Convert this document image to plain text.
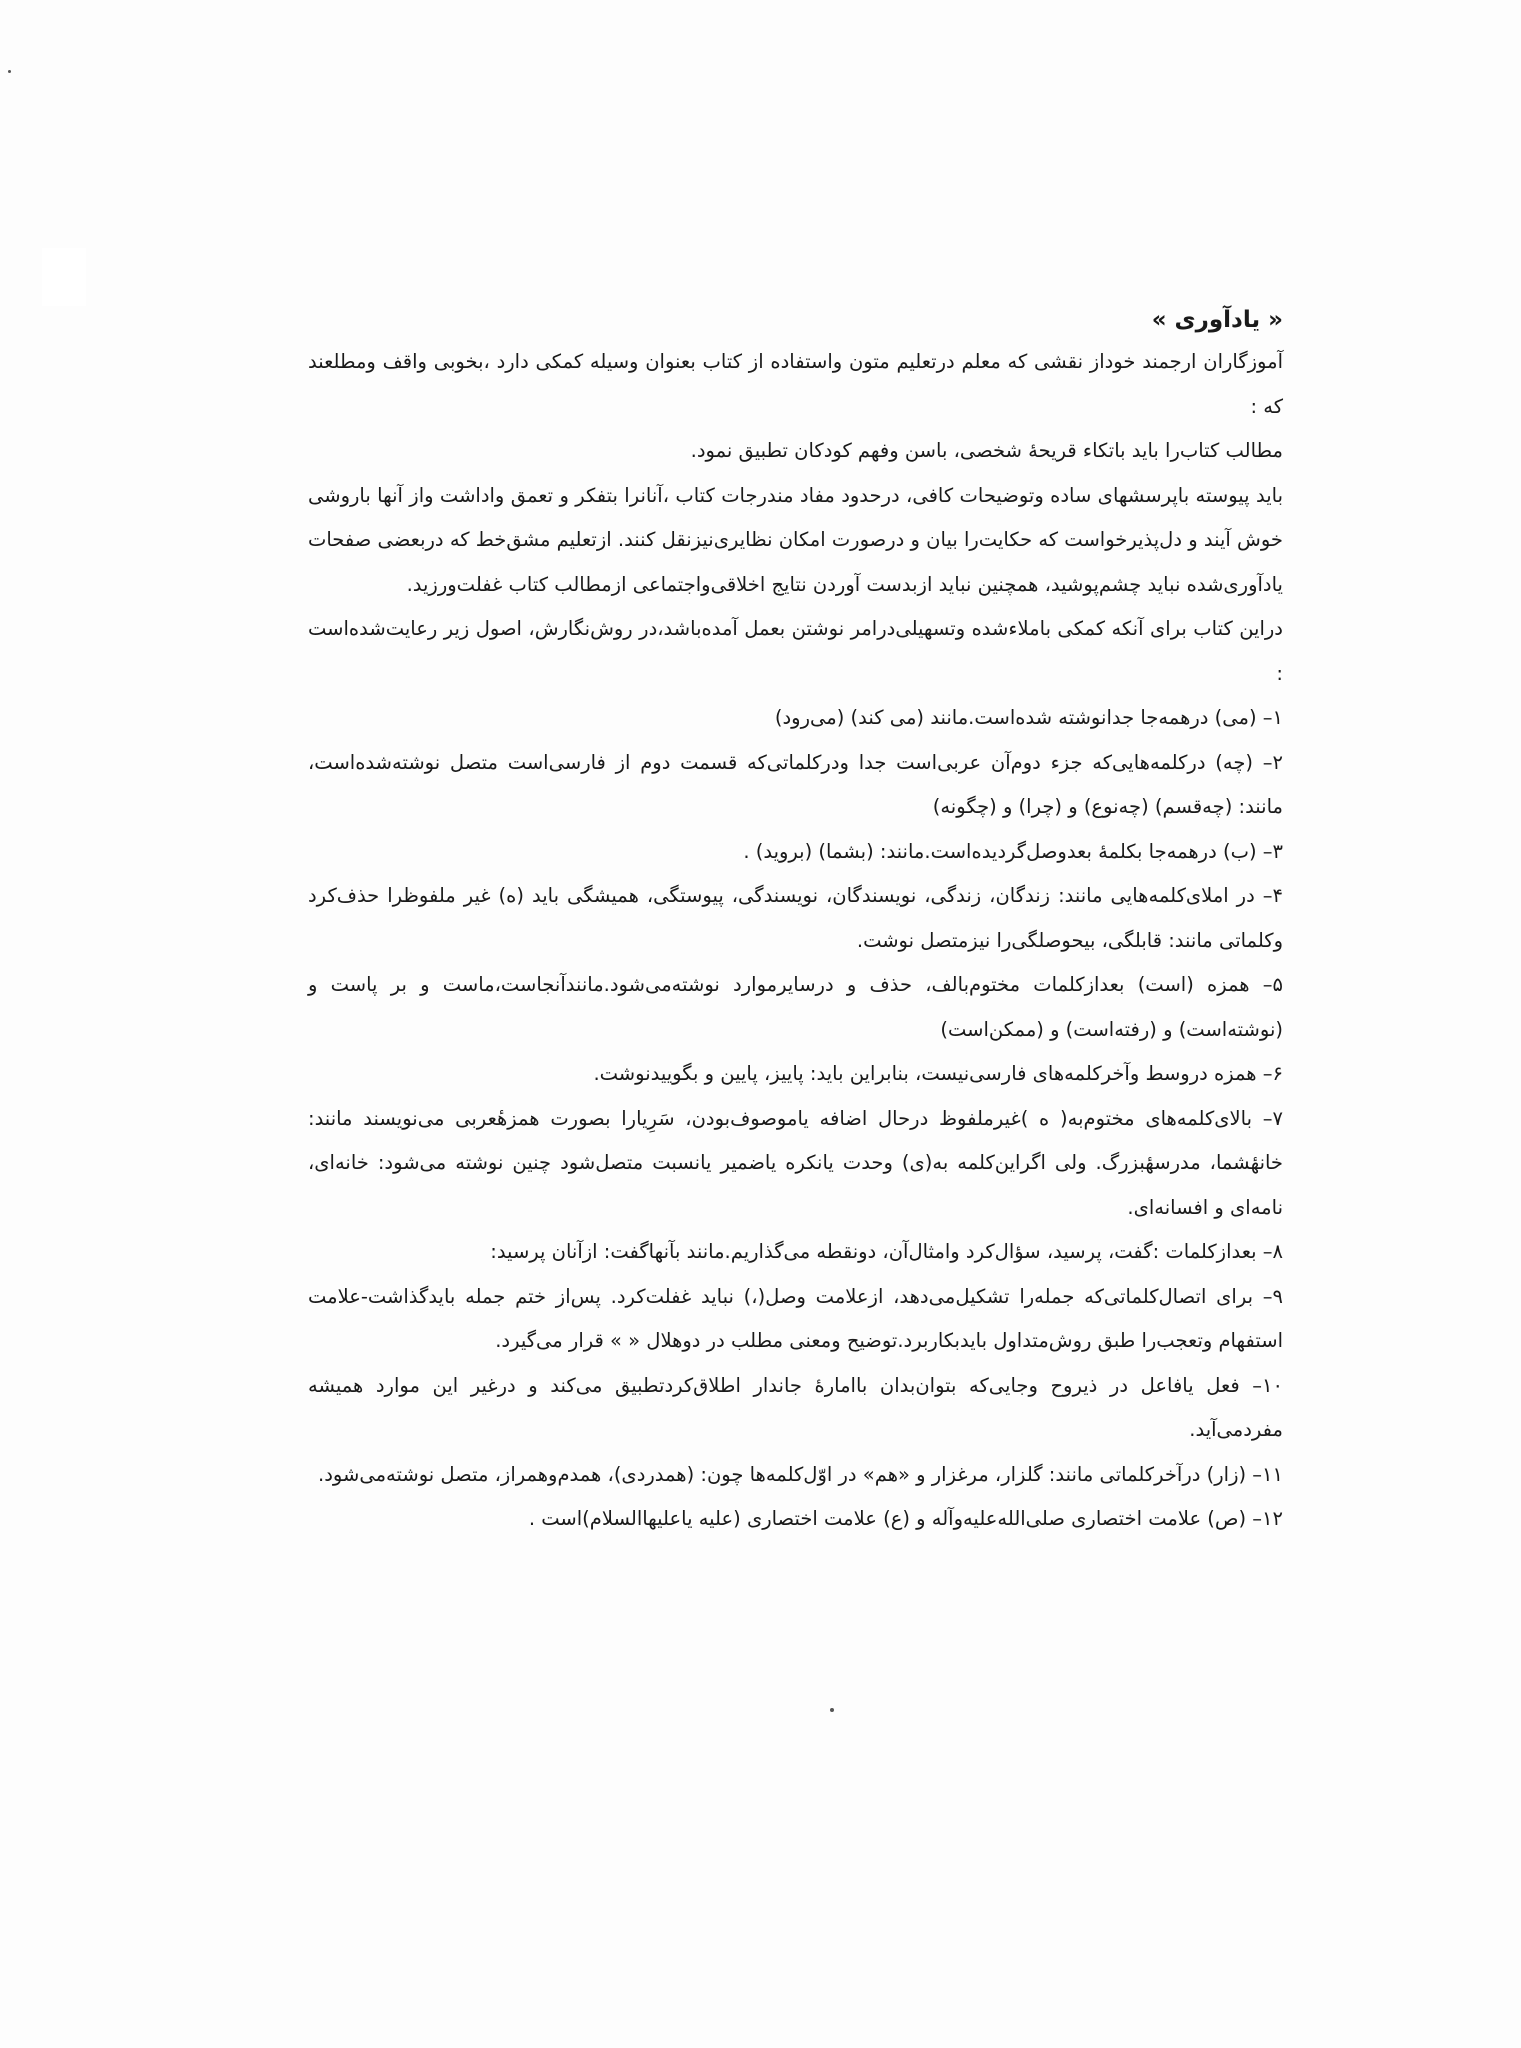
« یادآوری »

آموزگاران ارجمند خوداز نقشی که معلم درتعلیم متون واستفاده از کتاب بعنوان وسیله کمکی دارد ،بخوبی واقف ومطلعند که :

مطالب کتاب‌را باید باتکاء قریحهٔ شخصی، باسن وفهم کودکان تطبیق نمود.

باید پیوسته باپرسشهای ساده وتوضیحات کافی، درحدود مفاد مندرجات کتاب ،آنانرا بتفکر و تعمق واداشت واز آنها باروشی خوش آیند و دل‌پذیرخواست که حکایت‌را بیان و درصورت امکان نظایری‌نیزنقل کنند. ازتعلیم مشق‌خط که دربعضی صفحات یادآوری‌شده نباید چشم‌پوشید، همچنین نباید ازبدست آوردن نتایج اخلاقی‌واجتماعی ازمطالب کتاب غفلت‌ورزید.

دراین کتاب برای آنکه کمکی باملاءشده وتسهیلی‌درامر نوشتن بعمل آمده‌باشد،در روش‌نگارش، اصول زیر رعایت‌شده‌است :

۱– (می) درهمه‌جا جدانوشته شده‌است.مانند (می کند) (می‌رود)

۲– (چه) درکلمه‌هایی‌که جزء دوم‌آن عربی‌است جدا ودرکلماتی‌که قسمت دوم از فارسی‌است متصل نوشته‌شده‌است، مانند: (چه‌قسم) (چه‌نوع) و (چرا) و (چگونه)

۳– (ب) درهمه‌جا بکلمهٔ بعدوصل‌گردیده‌است.مانند: (بشما) (بروید) .

۴– در املای‌کلمه‌هایی مانند: زندگان، زندگی، نویسندگان، نویسندگی، پیوستگی، همیشگی باید (ه) غیر ملفوظرا حذف‌کرد وکلماتی مانند: قابلگی، بیحوصلگی‌را نیزمتصل نوشت.

۵– همزه (است) بعدازکلمات مختوم‌بالف، حذف و درسایرموارد نوشته‌می‌شود.مانندآنجاست،ماست و بر پاست و (نوشته‌است) و (رفته‌است) و (ممکن‌است)

۶– همزه دروسط وآخرکلمه‌های فارسی‌نیست، بنابراین باید: پاییز، پایین و بگوییدنوشت.

۷– بالای‌کلمه‌های مختوم‌به( ه )غیرملفوظ درحال اضافه یاموصوف‌بودن، سَرِیارا بصورت همزهٔعربی می‌نویسند مانند: خانهٔشما، مدرسهٔبزرگ. ولی اگراین‌کلمه به(ی) وحدت یانکره یاضمیر یانسبت متصل‌شود چنین نوشته می‌شود: خانه‌ای، نامه‌ای و افسانه‌ای.

۸– بعدازکلمات :گفت، پرسید، سؤال‌کرد وامثال‌آن، دونقطه می‌گذاریم.مانند بآنهاگفت: ازآنان پرسید:

۹– برای اتصال‌کلماتی‌که جمله‌را تشکیل‌می‌دهد، ازعلامت وصل(،) نباید غفلت‌کرد. پس‌از ختم جمله بایدگذاشت-علامت استفهام وتعجب‌را طبق روش‌متداول بایدبکاربرد.توضیح ومعنی مطلب در دوهلال « » قرار می‌گیرد.

۱۰– فعل یافاعل در ذیروح وجایی‌که بتوان‌بدان باامارهٔ جاندار اطلاق‌کردتطبیق می‌کند و درغیر این موارد همیشه مفردمی‌آید.

۱۱– (زار) درآخرکلماتی‌ مانند: گلزار، مرغزار و «هم» در اوّل‌کلمه‌ها چون: (همدردی)، همدم‌وهمراز، متصل نوشته‌می‌شود.

۱۲– (ص) علامت اختصاری صلی‌الله‌علیه‌وآله و (ع) علامت اختصاری (علیه یاعلیهاالسلام)است .
